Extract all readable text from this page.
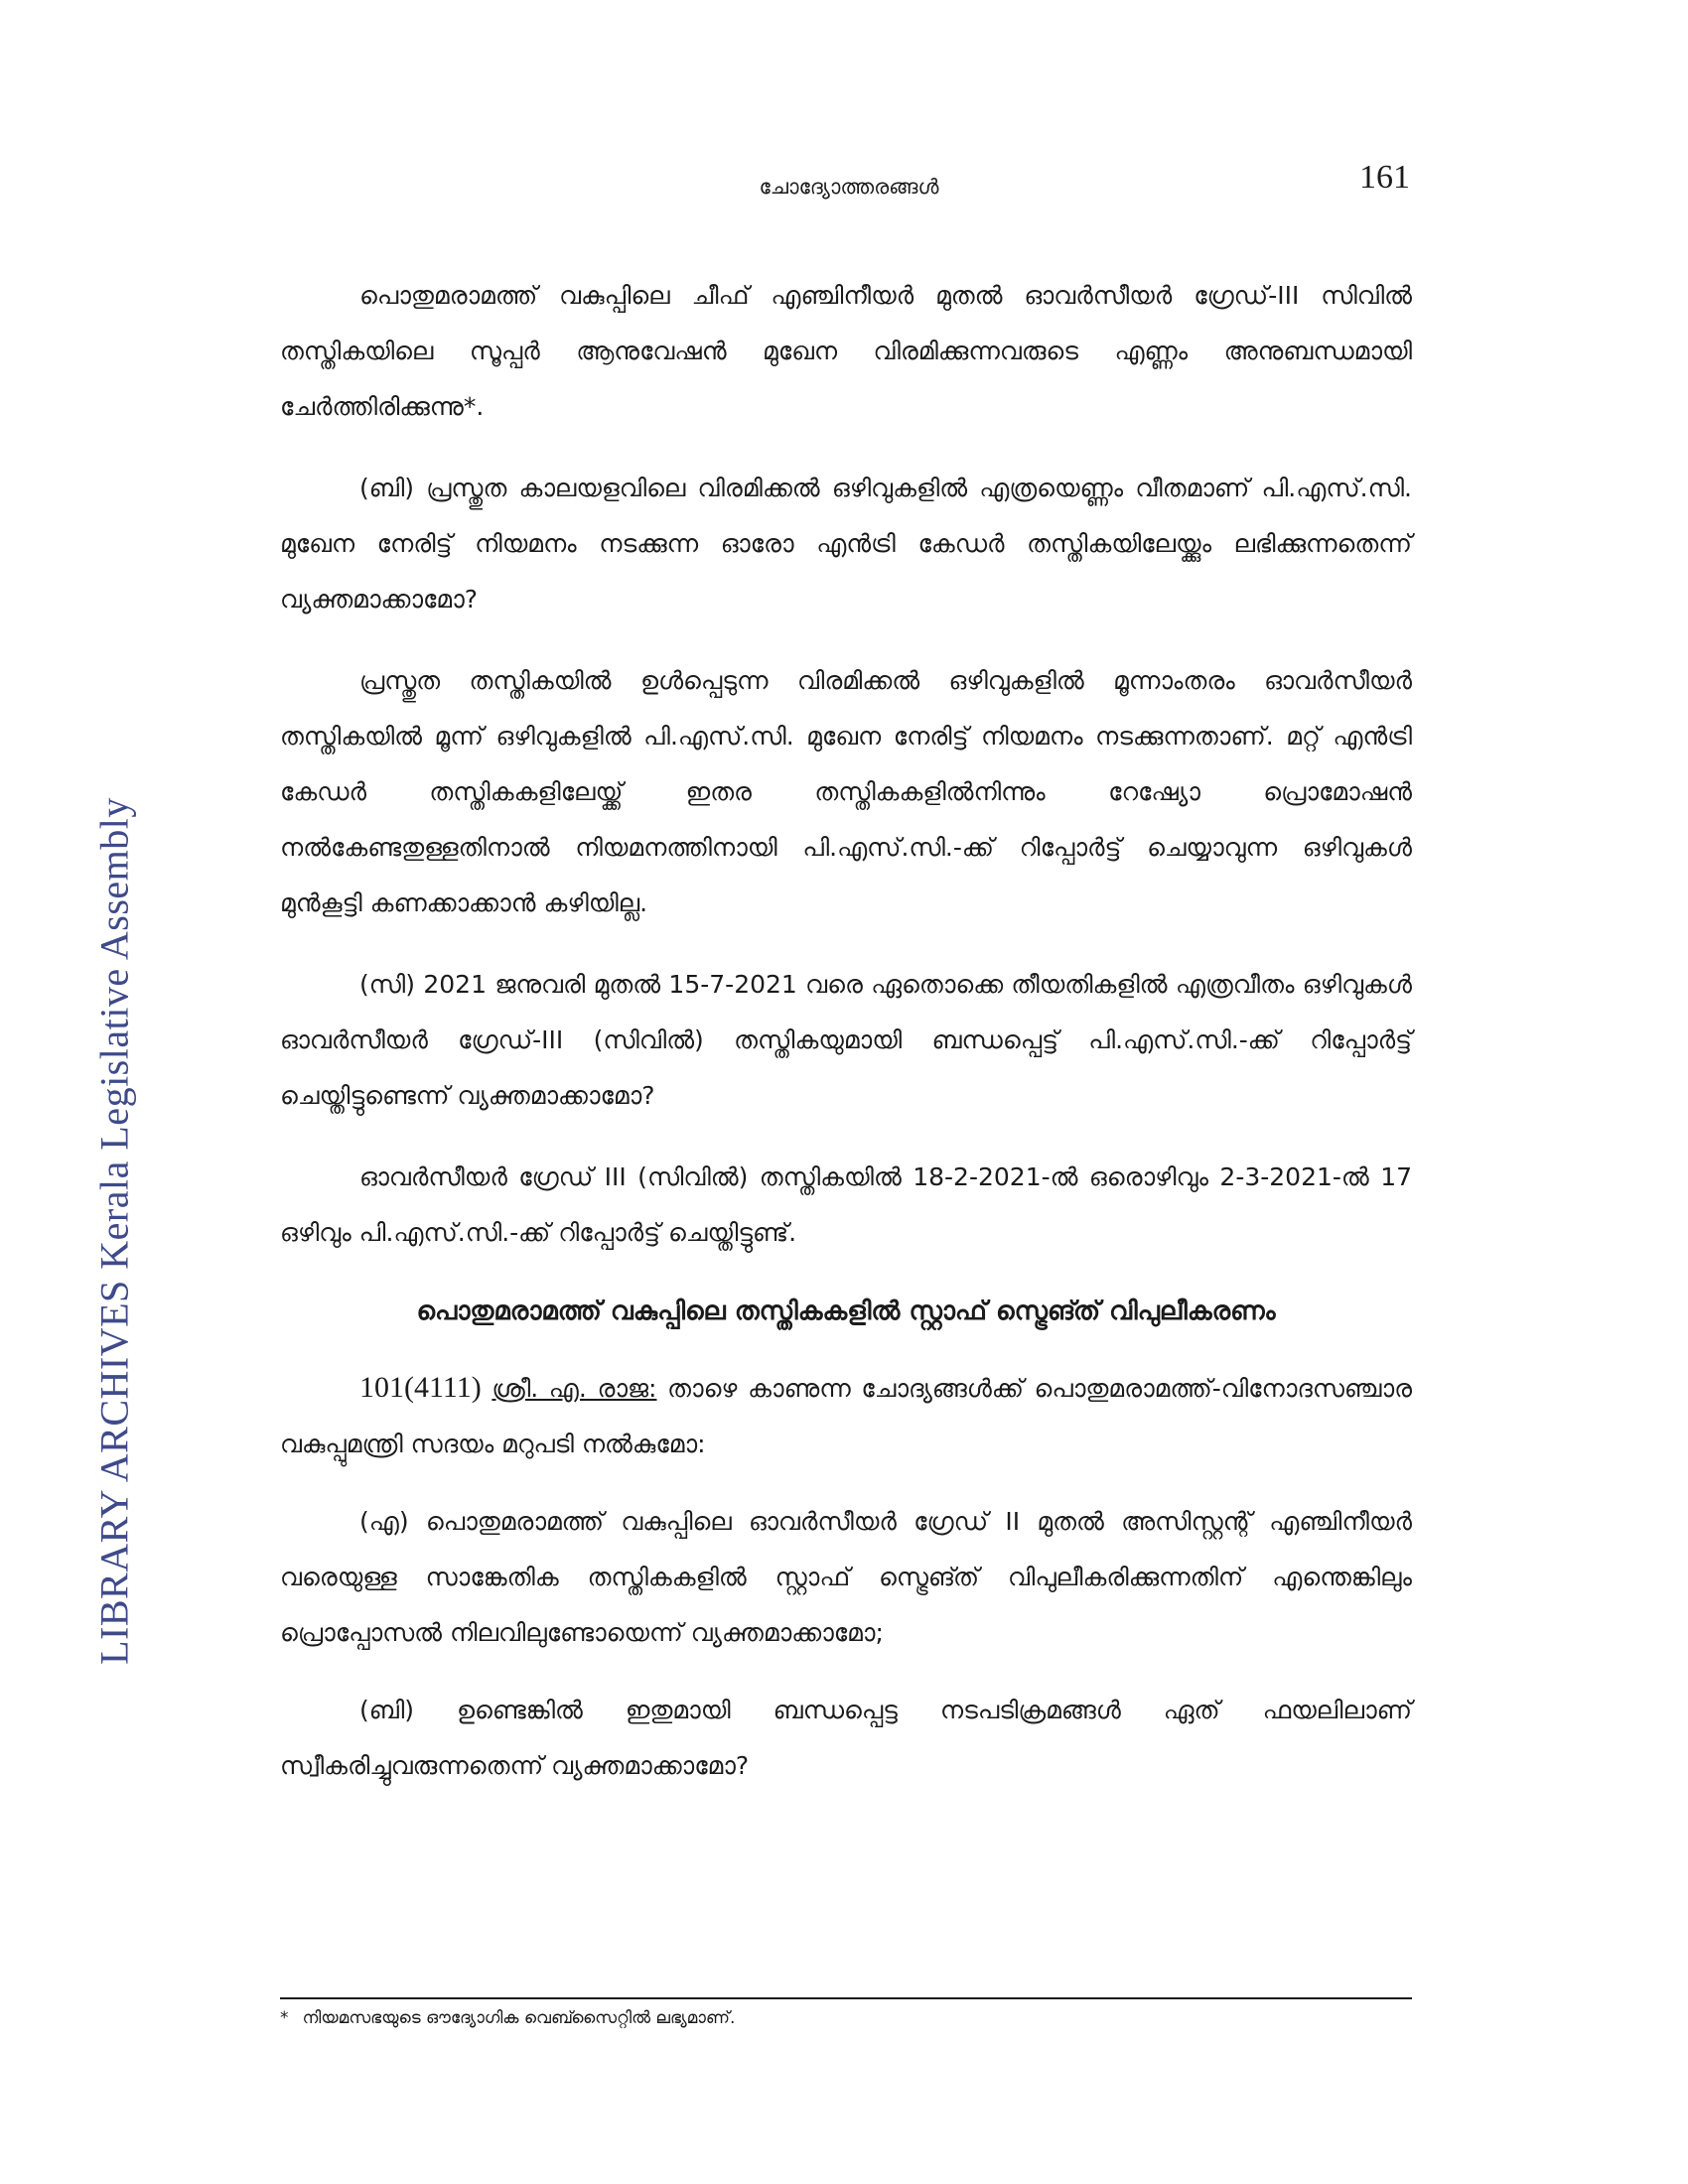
LIBRARY ARCHIVES Kerala Legislative Assembly
ചോദ്യോത്തരങ്ങൾ	161

പൊതുമരാമത്ത് വകുപ്പിലെ ചീഫ് എഞ്ചിനീയർ മുതൽ ഓവർസീയർ ഗ്രേഡ്-III സിവിൽ തസ്തികയിലെ സൂപ്പർ ആനുവേഷൻ മുഖേന വിരമിക്കുന്നവരുടെ എണ്ണം അനുബന്ധമായി ചേർത്തിരിക്കുന്നു*.

(ബി) പ്രസ്തുത കാലയളവിലെ വിരമിക്കൽ ഒഴിവുകളിൽ എത്രയെണ്ണം വീതമാണ് പി.എസ്.സി. മുഖേന നേരിട്ട് നിയമനം നടക്കുന്ന ഓരോ എൻട്രി കേഡർ തസ്തികയിലേയ്ക്കും ലഭിക്കുന്നതെന്ന് വ്യക്തമാക്കാമോ?

പ്രസ്തുത തസ്തികയിൽ ഉൾപ്പെടുന്ന വിരമിക്കൽ ഒഴിവുകളിൽ മൂന്നാംതരം ഓവർസീയർ തസ്തികയിൽ മൂന്ന് ഒഴിവുകളിൽ പി.എസ്.സി. മുഖേന നേരിട്ട് നിയമനം നടക്കുന്നതാണ്. മറ്റ് എൻട്രി കേഡർ തസ്തികകളിലേയ്ക്ക് ഇതര തസ്തികകളിൽനിന്നും റേഷ്യോ പ്രൊമോഷൻ നൽകേണ്ടതുള്ളതിനാൽ നിയമനത്തിനായി പി.എസ്.സി.-ക്ക് റിപ്പോർട്ട് ചെയ്യാവുന്ന ഒഴിവുകൾ മുൻകൂട്ടി കണക്കാക്കാൻ കഴിയില്ല.

(സി) 2021 ജനുവരി മുതൽ 15-7-2021 വരെ ഏതൊക്കെ തീയതികളിൽ എത്രവീതം ഒഴിവുകൾ ഓവർസീയർ ഗ്രേഡ്-III (സിവിൽ) തസ്തികയുമായി ബന്ധപ്പെട്ട് പി.എസ്.സി.-ക്ക് റിപ്പോർട്ട് ചെയ്തിട്ടുണ്ടെന്ന് വ്യക്തമാക്കാമോ?

ഓവർസീയർ ഗ്രേഡ് III (സിവിൽ) തസ്തികയിൽ 18-2-2021-ൽ ഒരൊഴിവും 2-3-2021-ൽ 17 ഒഴിവും പി.എസ്.സി.-ക്ക് റിപ്പോർട്ട് ചെയ്തിട്ടുണ്ട്.

പൊതുമരാമത്ത് വകുപ്പിലെ തസ്തികകളിൽ സ്റ്റാഫ് സ്ട്രെങ്ത് വിപുലീകരണം

101(4111) ശ്രീ. എ. രാജ: താഴെ കാണുന്ന ചോദ്യങ്ങൾക്ക് പൊതുമരാമത്ത്-വിനോദസഞ്ചാര വകുപ്പുമന്ത്രി സദയം മറുപടി നൽകുമോ:

(എ) പൊതുമരാമത്ത് വകുപ്പിലെ ഓവർസീയർ ഗ്രേഡ് II മുതൽ അസിസ്റ്റന്റ് എഞ്ചിനീയർ വരെയുള്ള സാങ്കേതിക തസ്തികകളിൽ സ്റ്റാഫ് സ്ട്രെങ്ത് വിപുലീകരിക്കുന്നതിന് എന്തെങ്കിലും പ്രൊപ്പോസൽ നിലവിലുണ്ടോയെന്ന് വ്യക്തമാക്കാമോ;

(ബി) ഉണ്ടെങ്കിൽ ഇതുമായി ബന്ധപ്പെട്ട നടപടിക്രമങ്ങൾ ഏത് ഫയലിലാണ് സ്വീകരിച്ചുവരുന്നതെന്ന് വ്യക്തമാക്കാമോ?

* നിയമസഭയുടെ ഔദ്യോഗിക വെബ്സൈറ്റിൽ ലഭ്യമാണ്.
